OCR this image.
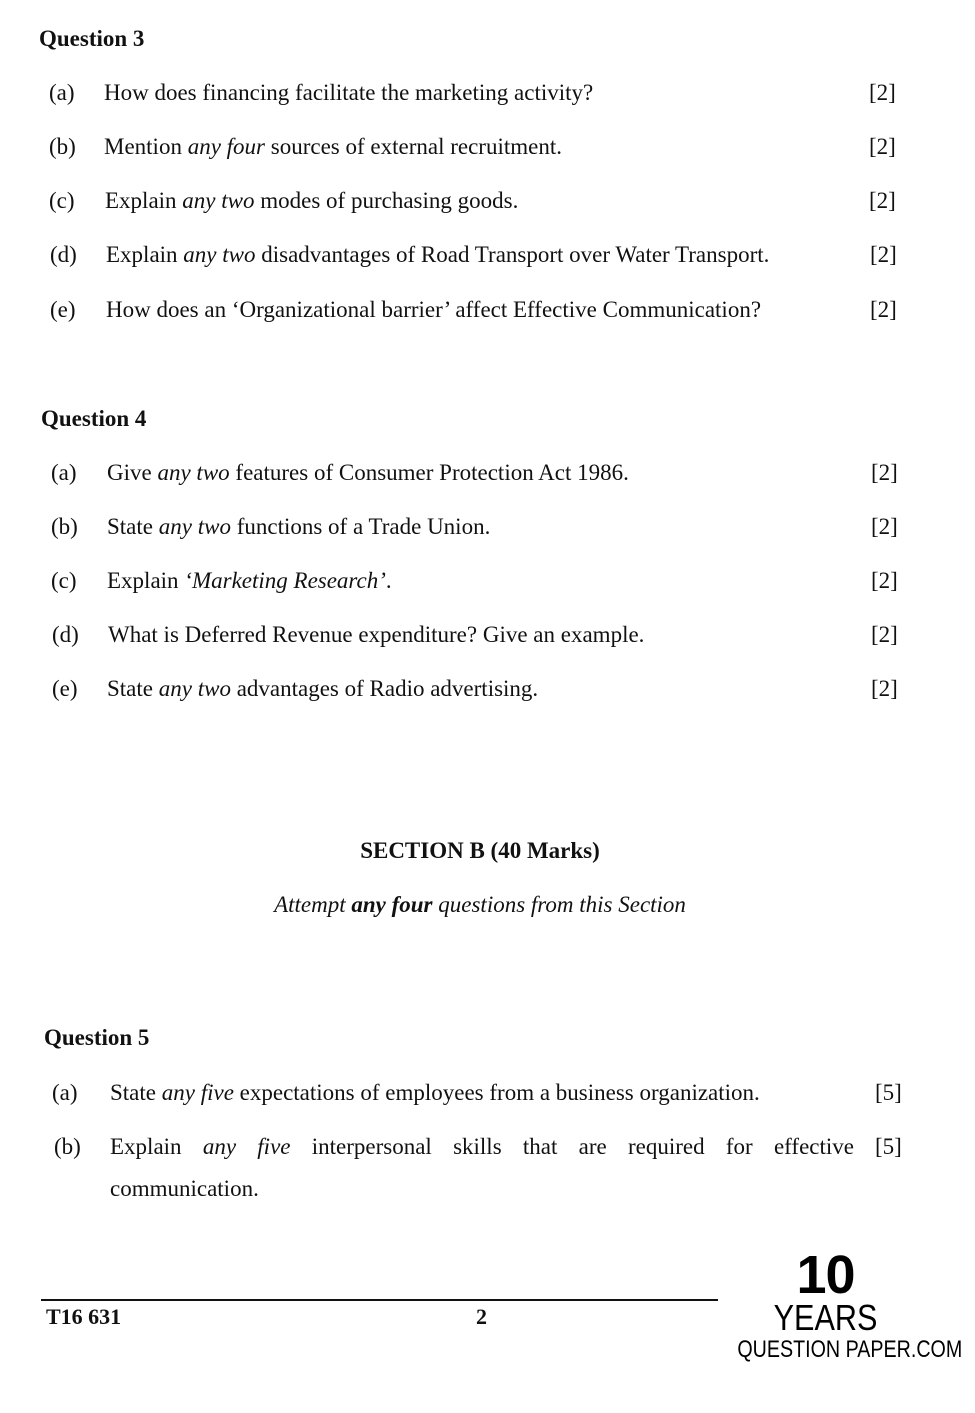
Question 3
(a) How does financing facilitate the marketing activity?	[2]
(b) Mention any four sources of external recruitment.	[2]
(c) Explain any two modes of purchasing goods.	[2]
(d) Explain any two disadvantages of Road Transport over Water Transport.	[2]
(e) How does an ‘Organizational barrier’ affect Effective Communication?	[2]
Question 4
(a) Give any two features of Consumer Protection Act 1986.	[2]
(b) State any two functions of a Trade Union.	[2]
(c) Explain ‘Marketing Research’.	[2]
(d) What is Deferred Revenue expenditure? Give an example.	[2]
(e) State any two advantages of Radio advertising.	[2]
SECTION B (40 Marks)
Attempt any four questions from this Section
Question 5
(a) State any five expectations of employees from a business organization.	[5]
(b) Explain any five interpersonal skills that are required for effective [5]
communication.
T16 631	2
10
YEARS
QUESTION PAPER.COM
